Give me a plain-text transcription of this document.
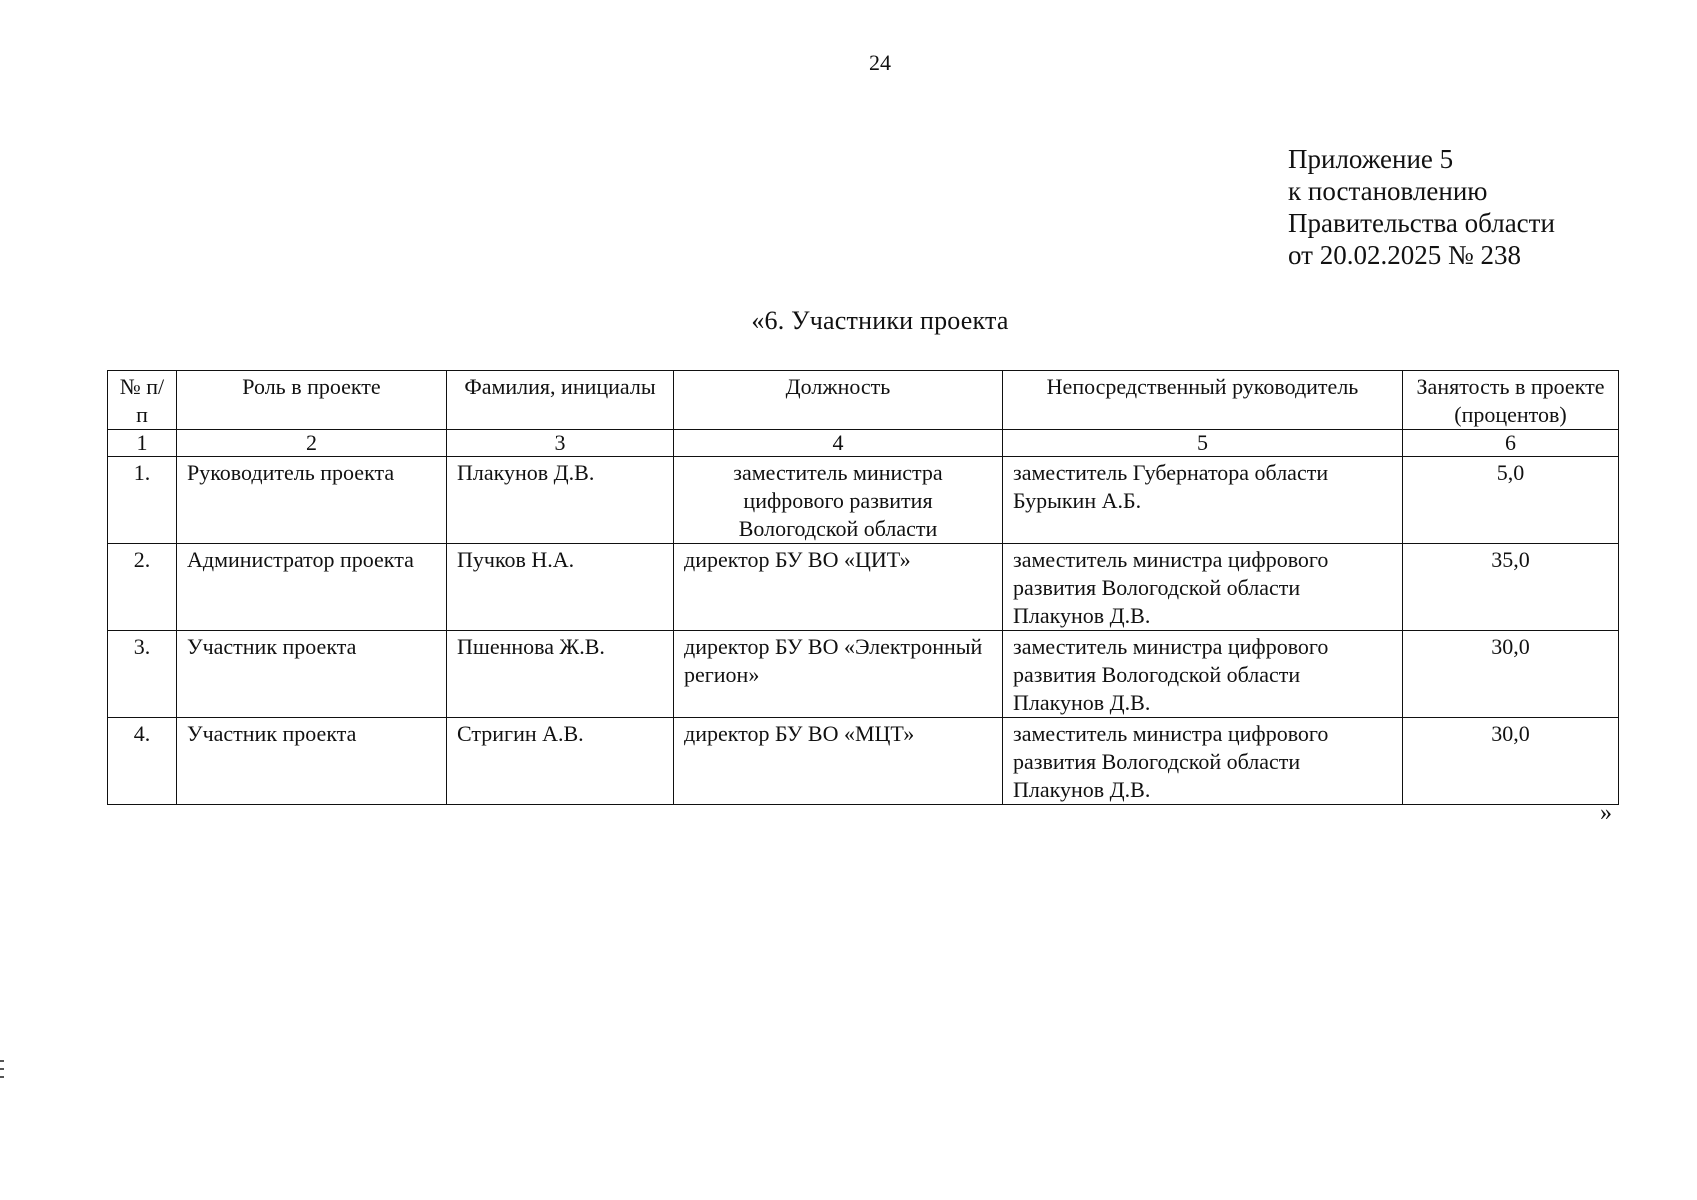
24
Приложение 5
к постановлению
Правительства области
от 20.02.2025 № 238
«6. Участники проекта
№ п/п	Роль в проекте	Фамилия, инициалы	Должность	Непосредственный руководитель	Занятость в проекте (процентов)
1	2	3	4	5	6
1.	Руководитель проекта	Плакунов Д.В.	заместитель министра цифрового развития Вологодской области	заместитель Губернатора области Бурыкин А.Б.	5,0
2.	Администратор проекта	Пучков Н.А.	директор БУ ВО «ЦИТ»	заместитель министра цифрового развития Вологодской области Плакунов Д.В.	35,0
3.	Участник проекта	Пшеннова Ж.В.	директор БУ ВО «Электронный регион»	заместитель министра цифрового развития Вологодской области Плакунов Д.В.	30,0
4.	Участник проекта	Стригин А.В.	директор БУ ВО «МЦТ»	заместитель министра цифрового развития Вологодской области Плакунов Д.В.	30,0
»
